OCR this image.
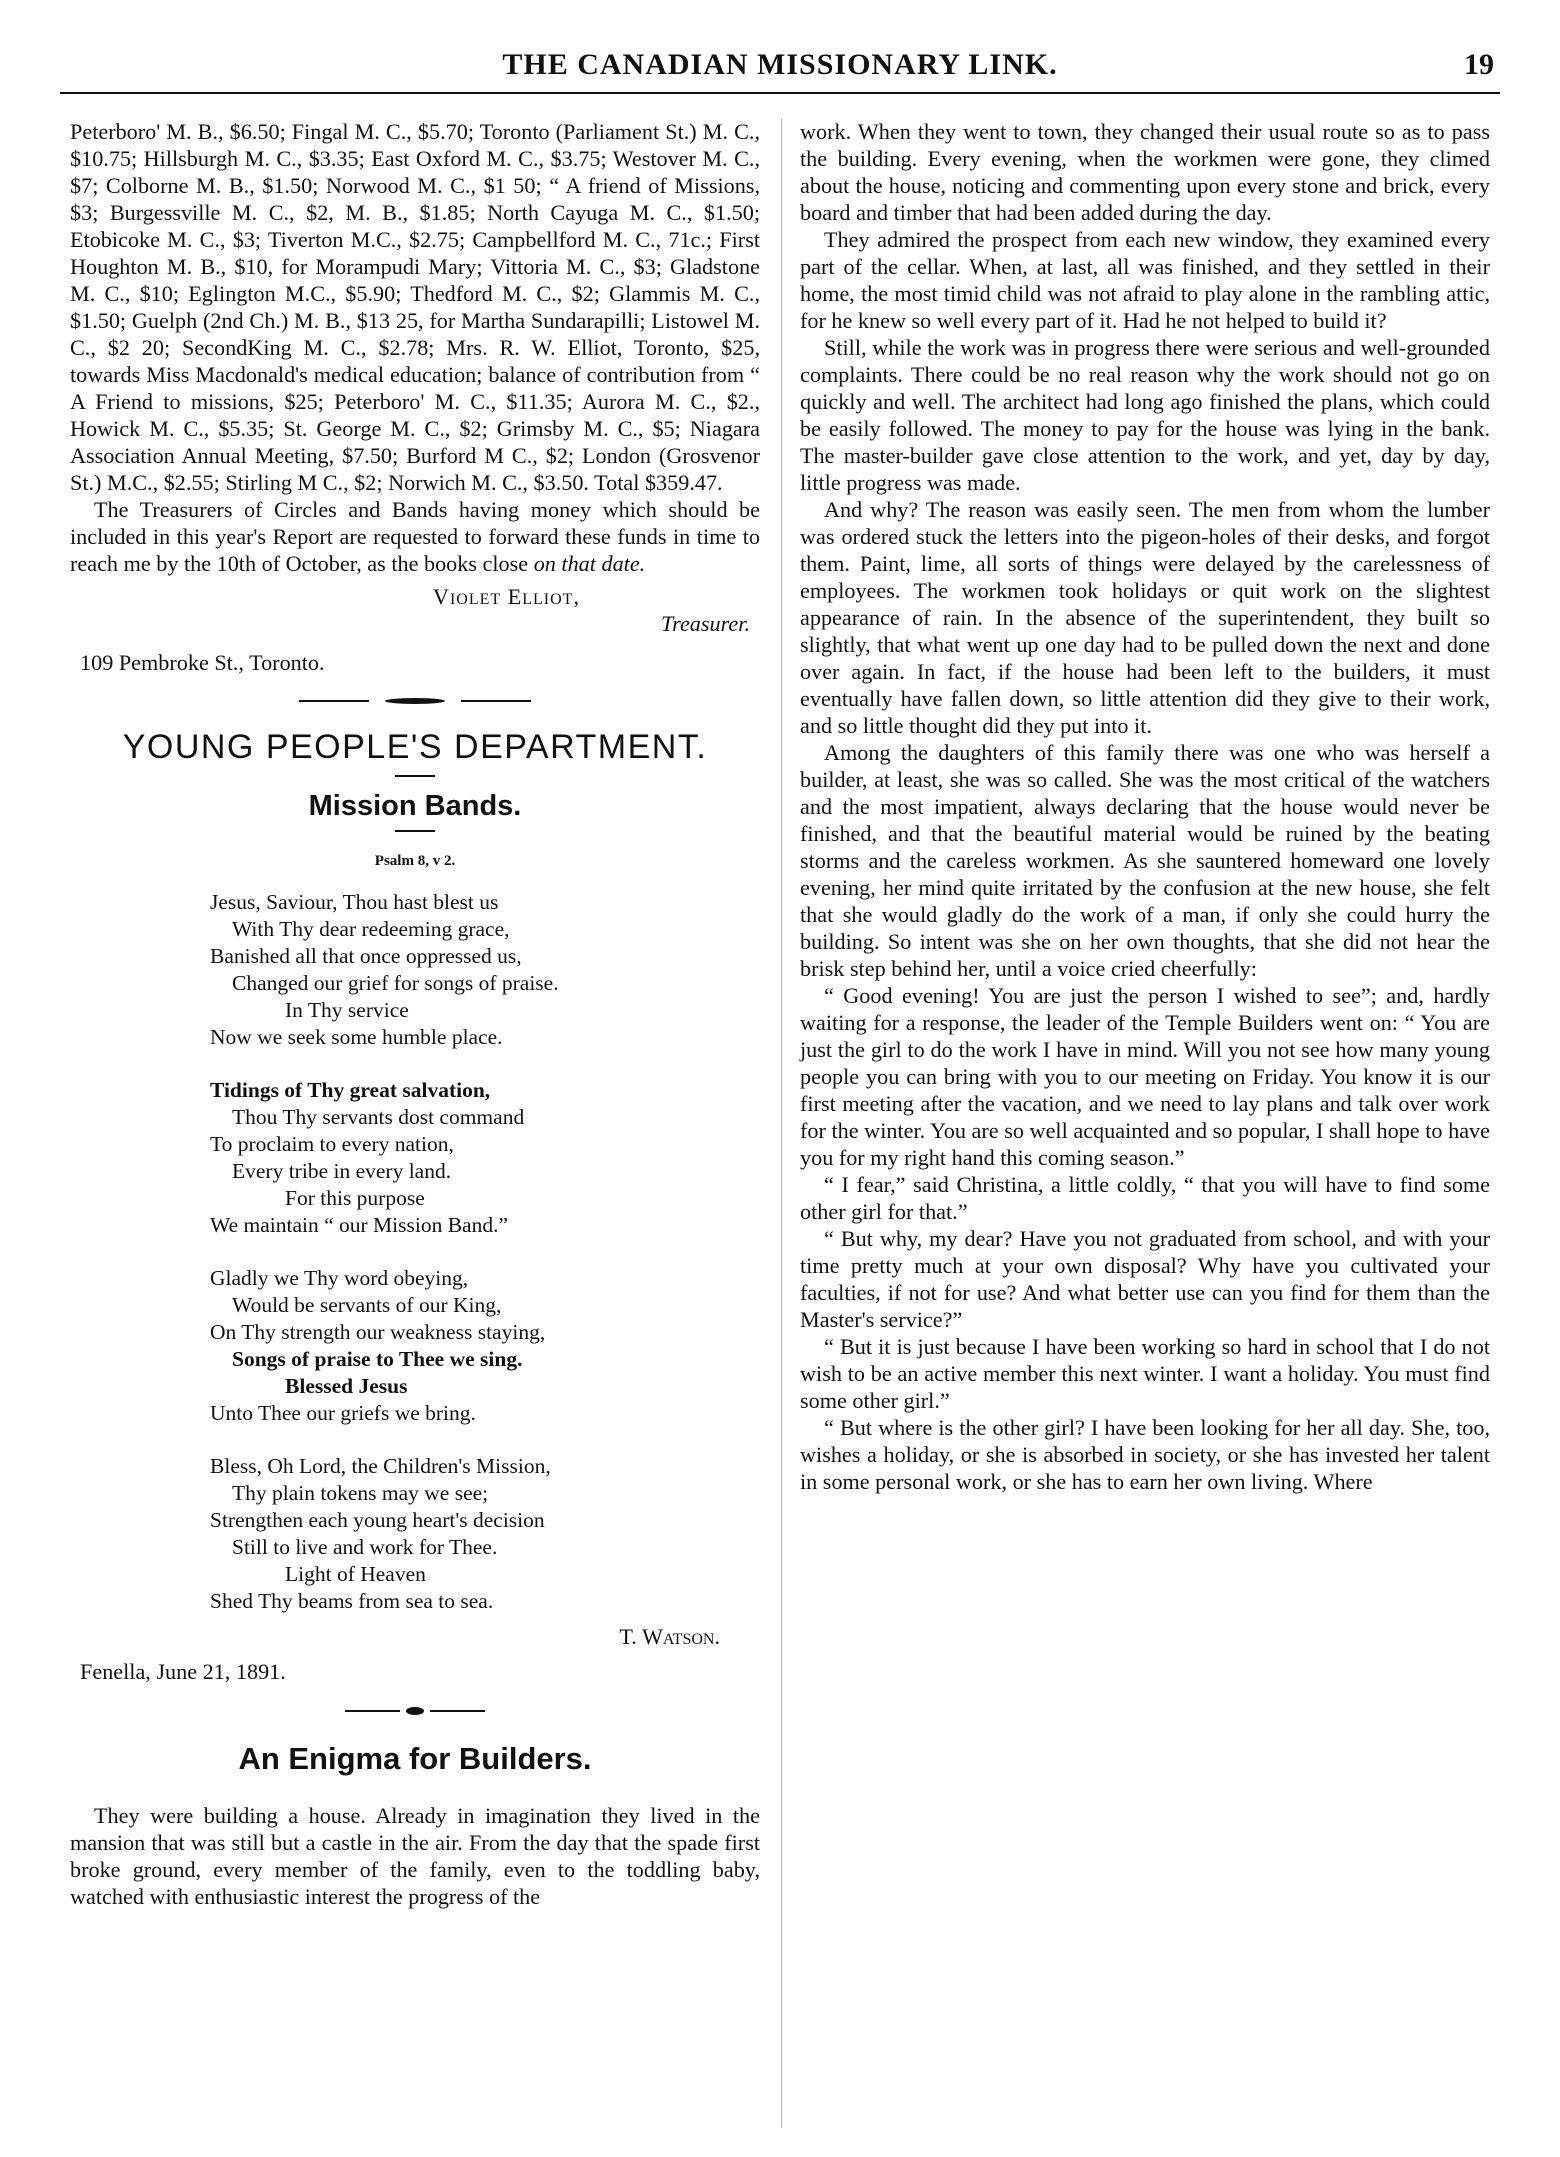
THE CANADIAN MISSIONARY LINK.	19

Peterboro' M. B., $6.50; Fingal M. C., $5.70; Toronto (Parliament St.) M. C., $10.75; Hillsburgh M. C., $3.35; East Oxford M. C., $3.75; Westover M. C., $7; Colborne M. B., $1.50; Norwood M. C., $1 50; “ A friend of Missions, $3; Burgessville M. C., $2, M. B., $1.85; North Cayuga M. C., $1.50; Etobicoke M. C., $3; Tiverton M.C., $2.75; Campbellford M. C., 71c.; First Houghton M. B., $10, for Morampudi Mary; Vittoria M. C., $3; Gladstone M. C., $10; Eglington M.C., $5.90; Thedford M. C., $2; Glammis M. C., $1.50; Guelph (2nd Ch.) M. B., $13 25, for Martha Sundarapilli; Listowel M. C., $2 20; SecondKing M. C., $2.78; Mrs. R. W. Elliot, Toronto, $25, towards Miss Macdonald's medical education; balance of contribution from “ A Friend to missions, $25; Peterboro' M. C., $11.35; Aurora M. C., $2., Howick M. C., $5.35; St. George M. C., $2; Grimsby M. C., $5; Niagara Association Annual Meeting, $7.50; Burford M C., $2; London (Grosvenor St.) M.C., $2.55; Stirling M C., $2; Norwich M. C., $3.50. Total $359.47.

The Treasurers of Circles and Bands having money which should be included in this year's Report are requested to forward these funds in time to reach me by the 10th of October, as the books close on that date.

Violet Elliot,
Treasurer.
109 Pembroke St., Toronto.
YOUNG PEOPLE'S DEPARTMENT.
Mission Bands.
Psalm 8, v 2.
Jesus, Saviour, Thou hast blest us
With Thy dear redeeming grace,
Banished all that once oppressed us,
Changed our grief for songs of praise.
In Thy service
Now we seek some humble place.
Tidings of Thy great salvation,
Thou Thy servants dost command
To proclaim to every nation,
Every tribe in every land.
For this purpose
We maintain “ our Mission Band.”
Gladly we Thy word obeying,
Would be servants of our King,
On Thy strength our weakness staying,
Songs of praise to Thee we sing.
Blessed Jesus
Unto Thee our griefs we bring.
Bless, Oh Lord, the Children's Mission,
Thy plain tokens may we see;
Strengthen each young heart's decision
Still to live and work for Thee.
Light of Heaven
Shed Thy beams from sea to sea.
T. Watson.
Fenella, June 21, 1891.
An Enigma for Builders.

They were building a house. Already in imagination they lived in the mansion that was still but a castle in the air. From the day that the spade first broke ground, every member of the family, even to the toddling baby, watched with enthusiastic interest the progress of the

work. When they went to town, they changed their usual route so as to pass the building. Every evening, when the workmen were gone, they climed about the house, noticing and commenting upon every stone and brick, every board and timber that had been added during the day.

They admired the prospect from each new window, they examined every part of the cellar. When, at last, all was finished, and they settled in their home, the most timid child was not afraid to play alone in the rambling attic, for he knew so well every part of it. Had he not helped to build it?

Still, while the work was in progress there were serious and well-grounded complaints. There could be no real reason why the work should not go on quickly and well. The architect had long ago finished the plans, which could be easily followed. The money to pay for the house was lying in the bank. The master-builder gave close attention to the work, and yet, day by day, little progress was made.

And why? The reason was easily seen. The men from whom the lumber was ordered stuck the letters into the pigeon-holes of their desks, and forgot them. Paint, lime, all sorts of things were delayed by the carelessness of employees. The workmen took holidays or quit work on the slightest appearance of rain. In the absence of the superintendent, they built so slightly, that what went up one day had to be pulled down the next and done over again. In fact, if the house had been left to the builders, it must eventually have fallen down, so little attention did they give to their work, and so little thought did they put into it.

Among the daughters of this family there was one who was herself a builder, at least, she was so called. She was the most critical of the watchers and the most impatient, always declaring that the house would never be finished, and that the beautiful material would be ruined by the beating storms and the careless workmen. As she sauntered homeward one lovely evening, her mind quite irritated by the confusion at the new house, she felt that she would gladly do the work of a man, if only she could hurry the building. So intent was she on her own thoughts, that she did not hear the brisk step behind her, until a voice cried cheerfully:

“ Good evening! You are just the person I wished to see”; and, hardly waiting for a response, the leader of the Temple Builders went on: “ You are just the girl to do the work I have in mind. Will you not see how many young people you can bring with you to our meeting on Friday. You know it is our first meeting after the vacation, and we need to lay plans and talk over work for the winter. You are so well acquainted and so popular, I shall hope to have you for my right hand this coming season.”

“ I fear,” said Christina, a little coldly, “ that you will have to find some other girl for that.”

“ But why, my dear? Have you not graduated from school, and with your time pretty much at your own disposal? Why have you cultivated your faculties, if not for use? And what better use can you find for them than the Master's service?”

“ But it is just because I have been working so hard in school that I do not wish to be an active member this next winter. I want a holiday. You must find some other girl.”

“ But where is the other girl? I have been looking for her all day. She, too, wishes a holiday, or she is absorbed in society, or she has invested her talent in some personal work, or she has to earn her own living. Where
